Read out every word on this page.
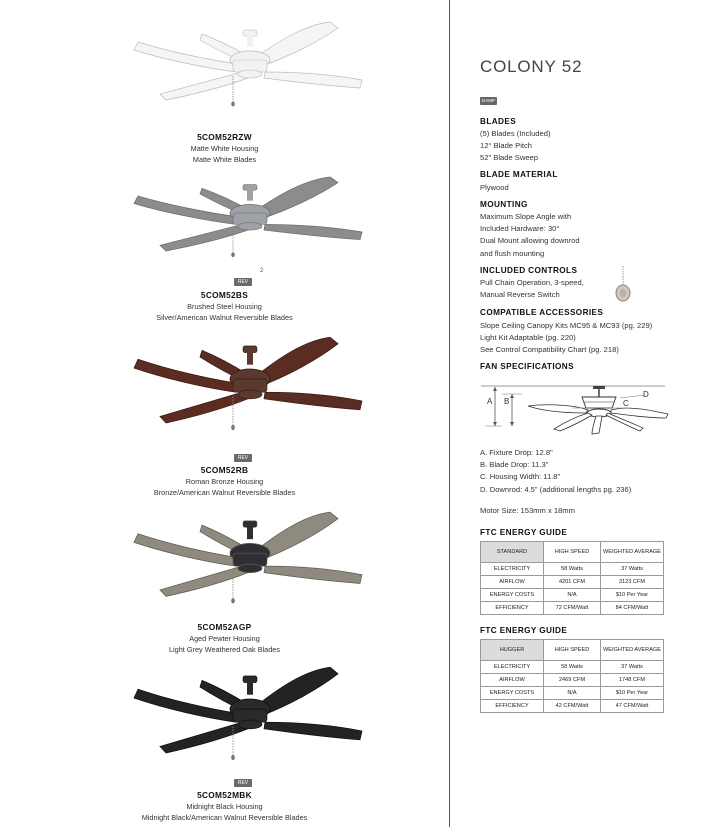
5COM52RZW
Matte White Housing
Matte White Blades
REV
5COM52BS
Brushed Steel Housing
Silver/American Walnut Reversible Blades
REV
5COM52RB
Roman Bronze Housing
Bronze/American Walnut Reversible Blades
5COM52AGP
Aged Pewter Housing
Light Grey Weathered Oak Blades
REV
5COM52MBK
Midnight Black Housing
Midnight Black/American Walnut Reversible Blades
2
COLONY 52
DAMP
BLADES
(5) Blades (Included)
12° Blade Pitch
52" Blade Sweep
BLADE MATERIAL
Plywood
MOUNTING
Maximum Slope Angle with
Included Hardware: 30°
Dual Mount allowing downrod
and flush mounting
INCLUDED CONTROLS
Pull Chain Operation, 3-speed,
Manual Reverse Switch
COMPATIBLE ACCESSORIES
Slope Ceiling Canopy Kits MC95 & MC93 (pg. 229)
Light Kit Adaptable (pg. 220)
See Control Compatibility Chart (pg. 218)
FAN SPECIFICATIONS
A B	C
D
A. Fixture Drop: 12.8"
B. Blade Drop: 11.3"
C. Housing Width: 11.8"
D. Downrod: 4.5" (additional lengths pg. 236)
Motor Size: 153mm x 18mm
FTC ENERGY GUIDE
STANDARD	HIGH SPEED	WEIGHTED AVERAGE
ELECTRICITY	58 Watts	37 Watts
AIRFLOW	4201 CFM	3123 CFM
ENERGY COSTS	N/A	$10 Per Year
EFFICIENCY	72 CFM/Watt	84 CFM/Watt
FTC ENERGY GUIDE
HUGGER	HIGH SPEED	WEIGHTED AVERAGE
ELECTRICITY	58 Watts	37 Watts
AIRFLOW	2469 CFM	1748 CFM
ENERGY COSTS	N/A	$10 Per Year
EFFICIENCY	42 CFM/Watt	47 CFM/Watt
